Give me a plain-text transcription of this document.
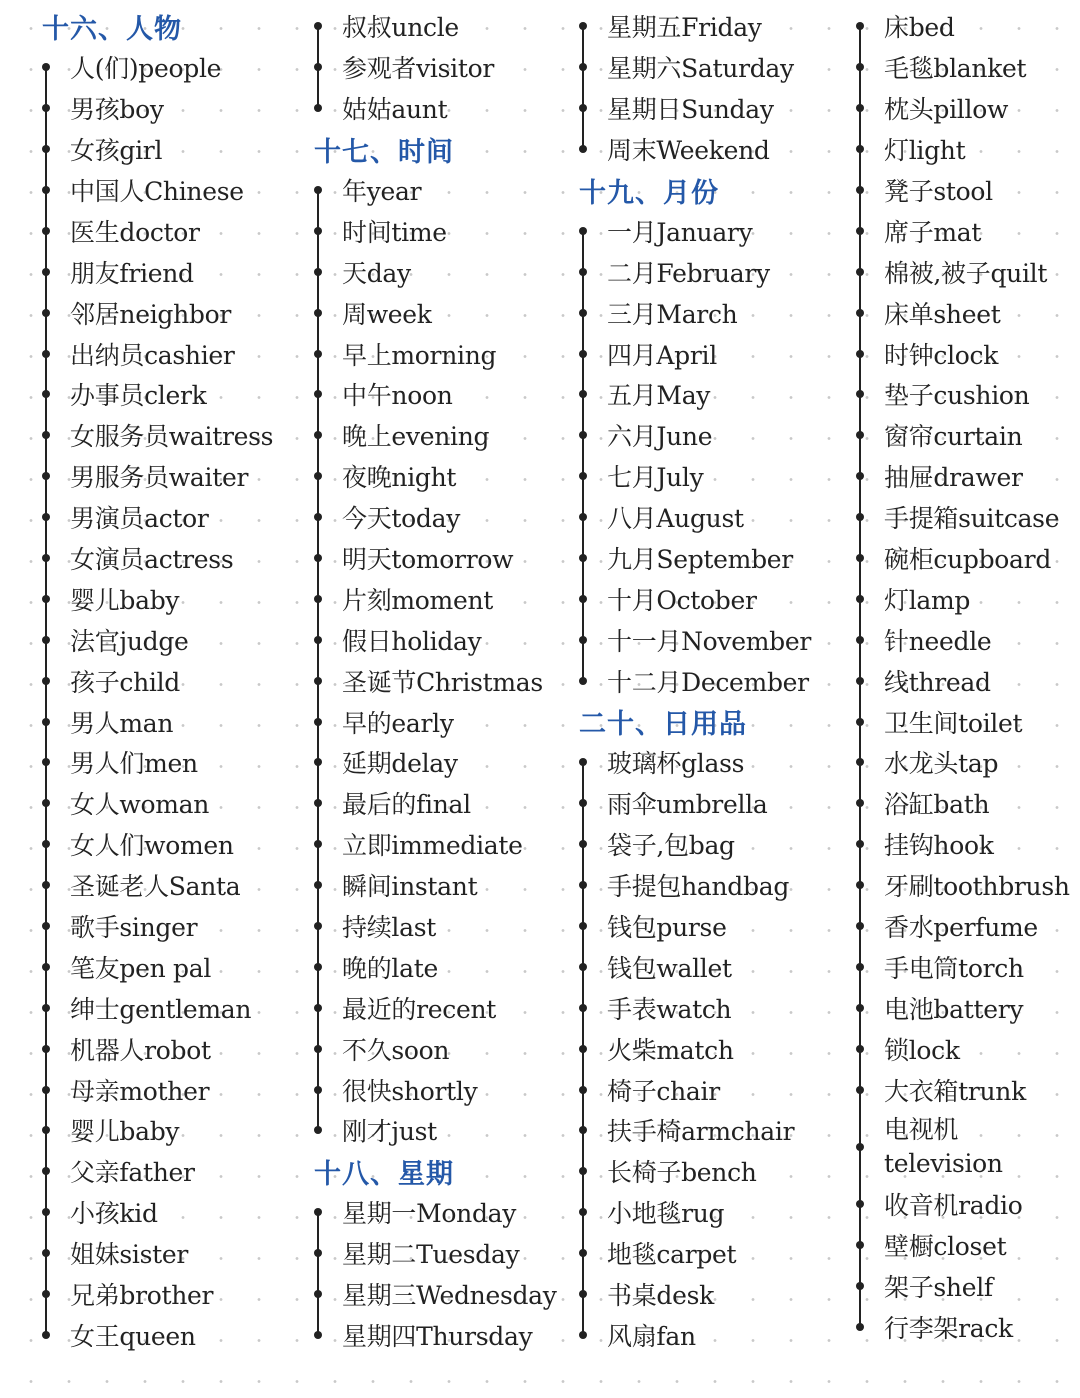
十六、人物
人(们)people
男孩boy
女孩girl
中国人Chinese
医生doctor
朋友friend
邻居neighbor
出纳员cashier
办事员clerk
女服务员waitress
男服务员waiter
男演员actor
女演员actress
婴儿baby
法官judge
孩子child
男人man
男人们men
女人woman
女人们women
圣诞老人Santa
歌手singer
笔友pen pal
绅士gentleman
机器人robot
母亲mother
婴儿baby
父亲father
小孩kid
姐妹sister
兄弟brother
女王queen
叔叔uncle
参观者visitor
姑姑aunt
十七、时间
年year
时间time
天day
周week
早上morning
中午noon
晚上evening
夜晚night
今天today
明天tomorrow
片刻moment
假日holiday
圣诞节Christmas
早的early
延期delay
最后的final
立即immediate
瞬间instant
持续last
晚的late
最近的recent
不久soon
很快shortly
刚才just
十八、星期
星期一Monday
星期二Tuesday
星期三Wednesday
星期四Thursday
星期五Friday
星期六Saturday
星期日Sunday
周末Weekend
十九、月份
一月January
二月February
三月March
四月April
五月May
六月June
七月July
八月August
九月September
十月October
十一月November
十二月December
二十、日用品
玻璃杯glass
雨伞umbrella
袋子,包bag
手提包handbag
钱包purse
钱包wallet
手表watch
火柴match
椅子chair
扶手椅armchair
长椅子bench
小地毯rug
地毯carpet
书桌desk
风扇fan
床bed
毛毯blanket
枕头pillow
灯light
凳子stool
席子mat
棉被,被子quilt
床单sheet
时钟clock
垫子cushion
窗帘curtain
抽屉drawer
手提箱suitcase
碗柜cupboard
灯lamp
针needle
线thread
卫生间toilet
水龙头tap
浴缸bath
挂钩hook
牙刷toothbrush
香水perfume
手电筒torch
电池battery
锁lock
大衣箱trunk
电视机 television
收音机radio
壁橱closet
架子shelf
行李架rack
